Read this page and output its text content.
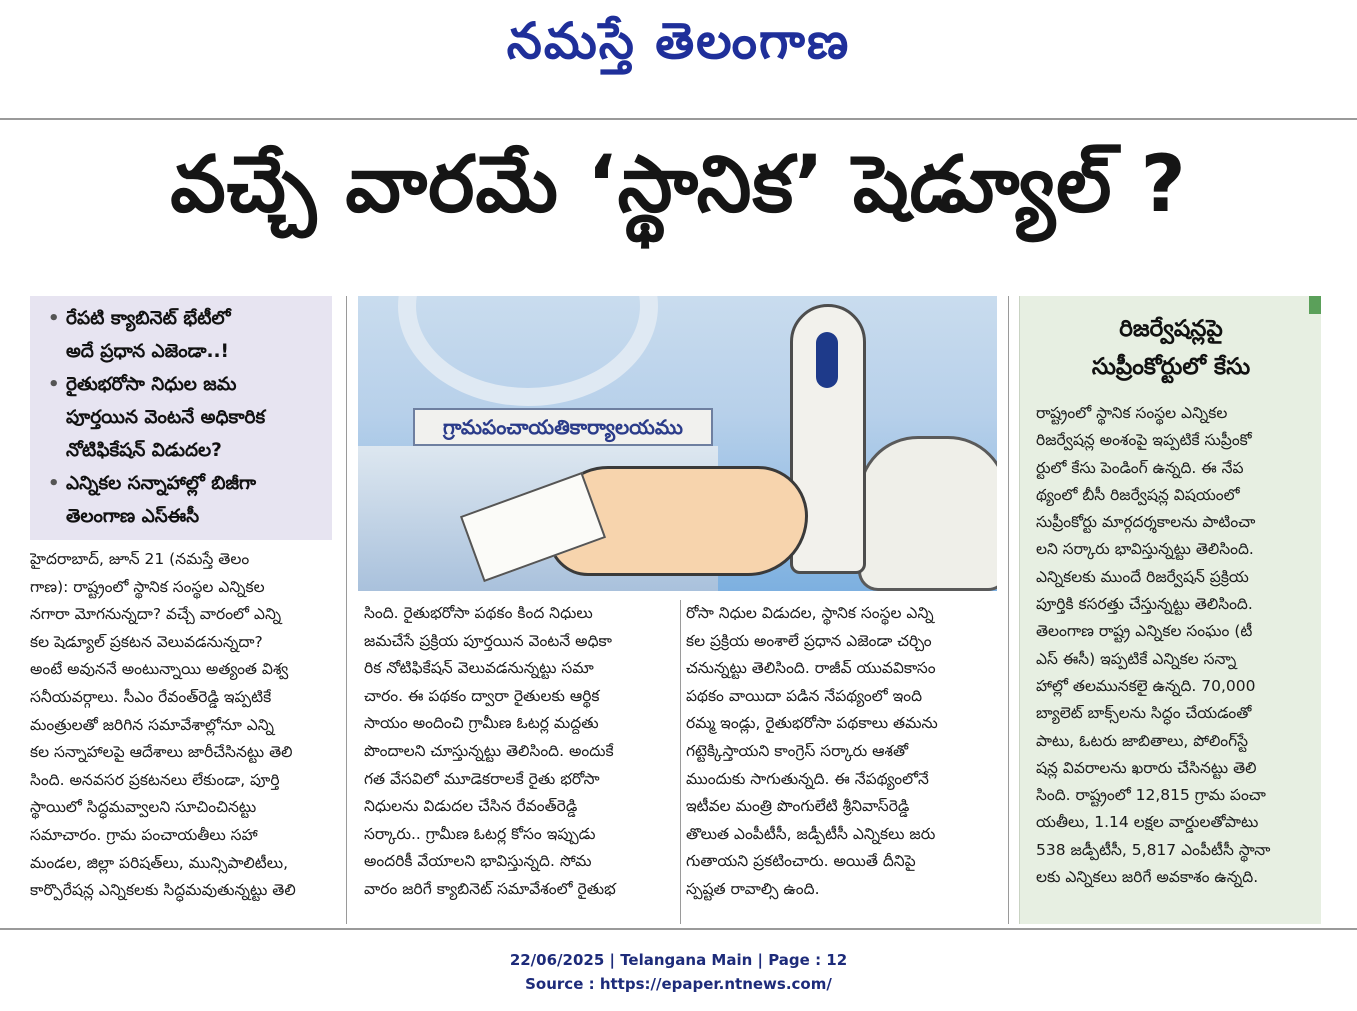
నమస్తే తెలంగాణ
వచ్చే వారమే ‘స్థానిక’ షెడ్యూల్ ?
• రేపటి క్యాబినెట్ భేటీలో
అదే ప్రధాన ఎజెండా..!
• రైతుభరోసా నిధుల జమ
పూర్తయిన వెంటనే అధికారిక
నోటిఫికేషన్ విడుదల?
• ఎన్నికల సన్నాహాల్లో బిజీగా
తెలంగాణ ఎస్ఈసీ
గ్రామపంచాయతికార్యాలయము
హైదరాబాద్, జూన్ 21 (నమస్తే తెలం
గాణ): రాష్ట్రంలో స్థానిక సంస్థల ఎన్నికల
నగారా మోగనున్నదా? వచ్చే వారంలో ఎన్ని
కల షెడ్యూల్ ప్రకటన వెలువడనున్నదా?
అంటే అవుననే అంటున్నాయి అత్యంత విశ్వ
సనీయవర్గాలు. సీఎం రేవంత్‌రెడ్డి ఇప్పటికే
మంత్రులతో జరిగిన సమావేశాల్లోనూ ఎన్ని
కల సన్నాహాలపై ఆదేశాలు జారీచేసినట్టు తెలి
సింది. అనవసర ప్రకటనలు లేకుండా, పూర్తి
స్థాయిలో సిద్ధమవ్వాలని సూచించినట్టు
సమాచారం. గ్రామ పంచాయతీలు సహా
మండల, జిల్లా పరిషత్‌లు, మున్సిపాలిటీలు,
కార్పొరేషన్ల ఎన్నికలకు సిద్ధమవుతున్నట్టు తెలి
సింది. రైతుభరోసా పథకం కింద నిధులు
జమచేసే ప్రక్రియ పూర్తయిన వెంటనే అధికా
రిక నోటిఫికేషన్ వెలువడనున్నట్టు సమా
చారం. ఈ పథకం ద్వారా రైతులకు ఆర్థిక
సాయం అందించి గ్రామీణ ఓటర్ల మద్దతు
పొందాలని చూస్తున్నట్టు తెలిసింది. అందుకే
గత వేసవిలో మూడెకరాలకే రైతు భరోసా
నిధులను విడుదల చేసిన రేవంత్‌రెడ్డి
సర్కారు.. గ్రామీణ ఓటర్ల కోసం ఇప్పుడు
అందరికీ వేయాలని భావిస్తున్నది. సోమ
వారం జరిగే క్యాబినెట్ సమావేశంలో రైతుభ
రోసా నిధుల విడుదల, స్థానిక సంస్థల ఎన్ని
కల ప్రక్రియ అంశాలే ప్రధాన ఎజెండా చర్చిం
చనున్నట్టు తెలిసింది. రాజీవ్ యువవికాసం
పథకం వాయిదా పడిన నేపథ్యంలో ఇంది
రమ్మ ఇండ్లు, రైతుభరోసా పథకాలు తమను
గట్టెక్కిస్తాయని కాంగ్రెస్ సర్కారు ఆశతో
ముందుకు సాగుతున్నది. ఈ నేపథ్యంలోనే
ఇటీవల మంత్రి పొంగులేటి శ్రీనివాస్‌రెడ్డి
తొలుత ఎంపీటీసీ, జడ్పీటీసీ ఎన్నికలు జరు
గుతాయని ప్రకటించారు. అయితే దీనిపై
స్పష్టత రావాల్సి ఉంది.
రిజర్వేషన్లపై
సుప్రీంకోర్టులో కేసు
రాష్ట్రంలో స్థానిక సంస్థల ఎన్నికల
రిజర్వేషన్ల అంశంపై ఇప్పటికే సుప్రీంకో
ర్టులో కేసు పెండింగ్ ఉన్నది. ఈ నేప
థ్యంలో బీసీ రిజర్వేషన్ల విషయంలో
సుప్రీంకోర్టు మార్గదర్శకాలను పాటించా
లని సర్కారు భావిస్తున్నట్టు తెలిసింది.
ఎన్నికలకు ముందే రిజర్వేషన్ ప్రక్రియ
పూర్తికి కసరత్తు చేస్తున్నట్టు తెలిసింది.
తెలంగాణ రాష్ట్ర ఎన్నికల సంఘం (టీ
ఎస్ ఈసీ) ఇప్పటికే ఎన్నికల సన్నా
హాల్లో తలమునకలై ఉన్నది. 70,000
బ్యాలెట్ బాక్స్‌లను సిద్ధం చేయడంతో
పాటు, ఓటరు జాబితాలు, పోలింగ్‌స్టే
షన్ల వివరాలను ఖరారు చేసినట్టు తెలి
సింది. రాష్ట్రంలో 12,815 గ్రామ పంచా
యతీలు, 1.14 లక్షల వార్డులతోపాటు
538 జడ్పీటీసీ, 5,817 ఎంపీటీసీ స్థానా
లకు ఎన్నికలు జరిగే అవకాశం ఉన్నది.
22/06/2025 | Telangana Main | Page : 12
Source : https://epaper.ntnews.com/
